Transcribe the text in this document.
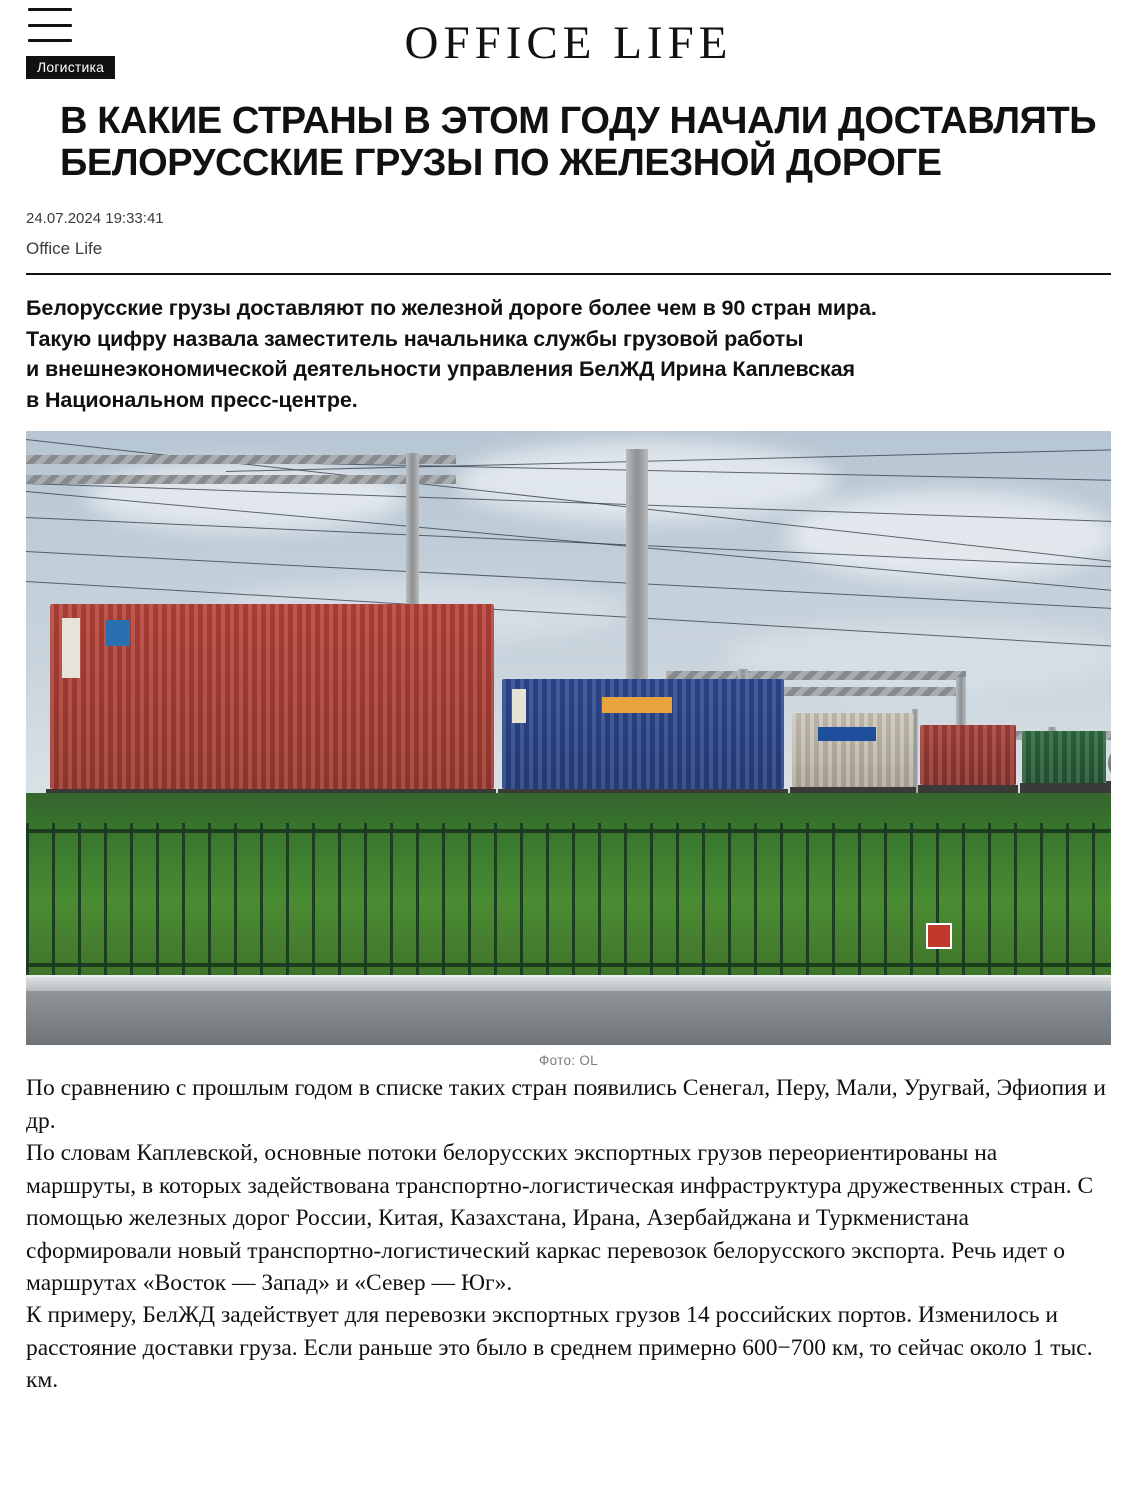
OFFICE LIFE
Логистика
В КАКИЕ СТРАНЫ В ЭТОМ ГОДУ НАЧАЛИ ДОСТАВЛЯТЬ БЕЛОРУССКИЕ ГРУЗЫ ПО ЖЕЛЕЗНОЙ ДОРОГЕ
24.07.2024 19:33:41
Office Life
Белорусские грузы доставляют по железной дороге более чем в 90 стран мира.
Такую цифру назвала заместитель начальника службы грузовой работы
и внешнеэкономической деятельности управления БелЖД Ирина Каплевская
в Национальном пресс-центре.
Фото: OL

По сравнению с прошлым годом в списке таких стран появились Сенегал, Перу, Мали, Уругвай, Эфиопия и др.

По словам Каплевской, основные потоки белорусских экспортных грузов переориентированы на маршруты, в которых задействована транспортно-логистическая инфраструктура дружественных стран. С помощью железных дорог России, Китая, Казахстана, Ирана, Азербайджана и Туркменистана сформировали новый транспортно-логистический каркас перевозок белорусского экспорта. Речь идет о маршрутах «Восток — Запад» и «Север — Юг».

К примеру, БелЖД задействует для перевозки экспортных грузов 14 российских портов. Изменилось и расстояние доставки груза. Если раньше это было в среднем примерно 600−700 км, то сейчас около 1 тыс. км.
